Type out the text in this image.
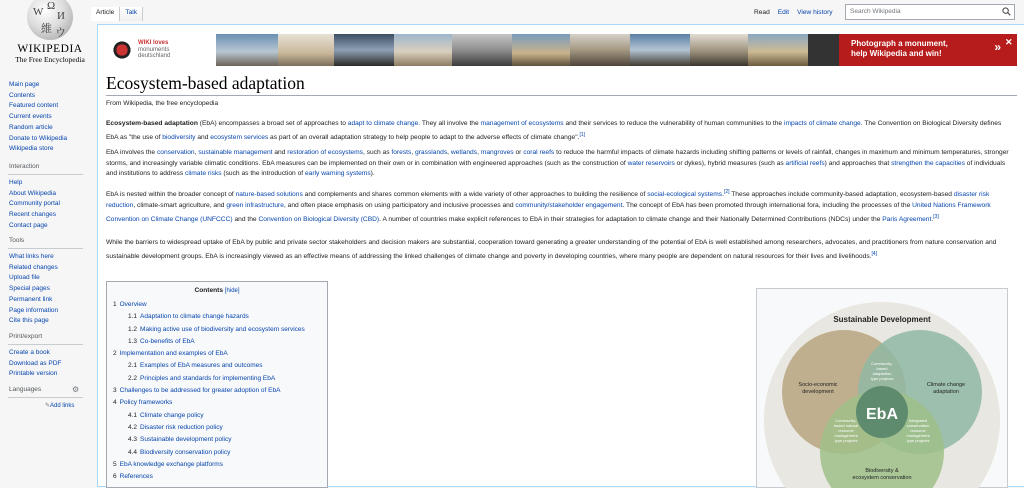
W Ω
И
維 ウ
WIKIPEDIA
The Free Encyclopedia
Main page
Contents
Featured content
Current events
Random article
Donate to Wikipedia
Wikipedia store
Interaction
Help
About Wikipedia
Community portal
Recent changes
Contact page
Tools
What links here
Related changes
Upload file
Special pages
Permanent link
Page information
Cite this page
Print/export
Create a book
Download as PDF
Printable version
Languages	⚙
✎Add links
Article	Talk	Read	Edit	View history	Search Wikipedia
WIKI loves
monuments
deutschland
Photograph a monument,
help Wikipedia and win!	» ✕
Ecosystem-based adaptation
From Wikipedia, the free encyclopedia
Ecosystem-based adaptation (EbA) encompasses a broad set of approaches to adapt to climate change. They all involve the management of ecosystems and their services to reduce the vulnerability of human communities to the impacts of climate change. The Convention on Biological Diversity defines EbA as "the use of biodiversity and ecosystem services as part of an overall adaptation strategy to help people to adapt to the adverse effects of climate change".[1]
EbA involves the conservation, sustainable management and restoration of ecosystems, such as forests, grasslands, wetlands, mangroves or coral reefs to reduce the harmful impacts of climate hazards including shifting patterns or levels of rainfall, changes in maximum and minimum temperatures, stronger storms, and increasingly variable climatic conditions. EbA measures can be implemented on their own or in combination with engineered approaches (such as the construction of water reservoirs or dykes), hybrid measures (such as artificial reefs) and approaches that strengthen the capacities of individuals and institutions to address climate risks (such as the introduction of early warning systems).
EbA is nested within the broader concept of nature-based solutions and complements and shares common elements with a wide variety of other approaches to building the resilience of social-ecological systems.[2] These approaches include community-based adaptation, ecosystem-based disaster risk reduction, climate-smart agriculture, and green infrastructure, and often place emphasis on using participatory and inclusive processes and community/stakeholder engagement. The concept of EbA has been promoted through international fora, including the processes of the United Nations Framework Convention on Climate Change (UNFCCC) and the Convention on Biological Diversity (CBD). A number of countries make explicit references to EbA in their strategies for adaptation to climate change and their Nationally Determined Contributions (NDCs) under the Paris Agreement.[3]
While the barriers to widespread uptake of EbA by public and private sector stakeholders and decision makers are substantial, cooperation toward generating a greater understanding of the potential of EbA is well established among researchers, advocates, and practitioners from nature conservation and sustainable development groups. EbA is increasingly viewed as an effective means of addressing the linked challenges of climate change and poverty in developing countries, where many people are dependent on natural resources for their lives and livelihoods.[4]
Contents [hide]
1 Overview
1.1 Adaptation to climate change hazards
1.2 Making active use of biodiversity and ecosystem services
1.3 Co-benefits of EbA
2 Implementation and examples of EbA
2.1 Examples of EbA measures and outcomes
2.2 Principles and standards for implementing EbA
3 Challenges to be addressed for greater adoption of EbA
4 Policy frameworks
4.1 Climate change policy
4.2 Disaster risk reduction policy
4.3 Sustainable development policy
4.4 Biodiversity conservation policy
5 EbA knowledge exchange platforms
6 References
Sustainable Development
Socio-economic
development
Climate change
adaptation
Biodiversity &
ecosystem conservation
EbA
Community-
based
adaptation
type projects
Community-
based natural
resource
management
type projects
Integrated
conservation
resource
management
type projects
